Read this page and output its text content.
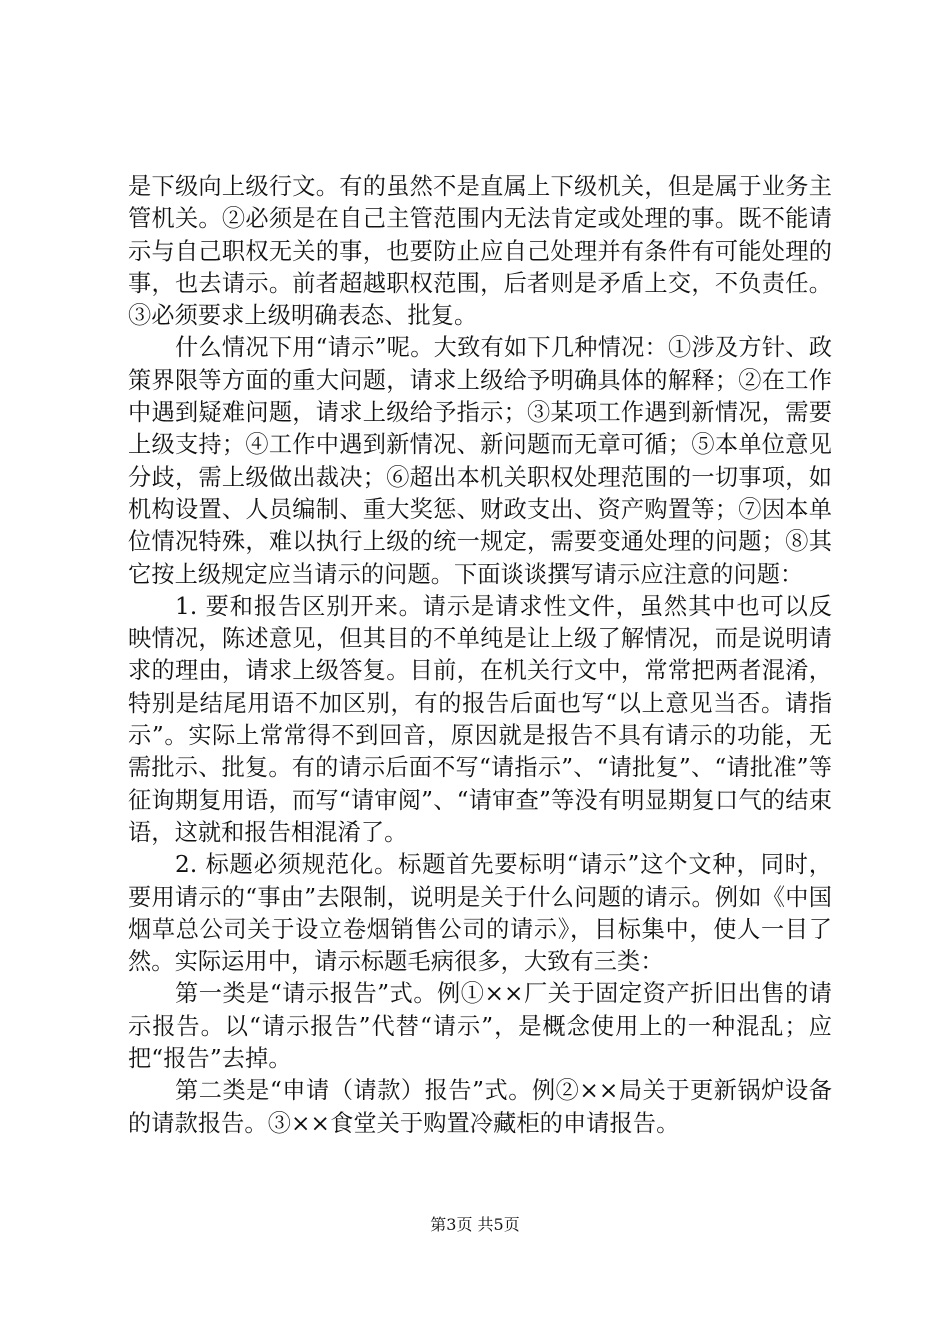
是下级向上级行文。有的虽然不是直属上下级机关，但是属于业务主管机关。②必须是在自己主管范围内无法肯定或处理的事。既不能请示与自己职权无关的事，也要防止应自己处理并有条件有可能处理的事，也去请示。前者超越职权范围，后者则是矛盾上交，不负责任。③必须要求上级明确表态、批复。

什么情况下用“请示”呢。大致有如下几种情况：①涉及方针、政策界限等方面的重大问题，请求上级给予明确具体的解释；②在工作中遇到疑难问题，请求上级给予指示；③某项工作遇到新情况，需要上级支持；④工作中遇到新情况、新问题而无章可循；⑤本单位意见分歧，需上级做出裁决；⑥超出本机关职权处理范围的一切事项，如机构设置、人员编制、重大奖惩、财政支出、资产购置等；⑦因本单位情况特殊，难以执行上级的统一规定，需要变通处理的问题；⑧其它按上级规定应当请示的问题。下面谈谈撰写请示应注意的问题：

1. 要和报告区别开来。请示是请求性文件，虽然其中也可以反映情况，陈述意见，但其目的不单纯是让上级了解情况，而是说明请求的理由，请求上级答复。目前，在机关行文中，常常把两者混淆，特别是结尾用语不加区别，有的报告后面也写“以上意见当否。请指示”。实际上常常得不到回音，原因就是报告不具有请示的功能，无需批示、批复。有的请示后面不写“请指示”、“请批复”、“请批准”等征询期复用语，而写“请审阅”、“请审查”等没有明显期复口气的结束语，这就和报告相混淆了。

2. 标题必须规范化。标题首先要标明“请示”这个文种，同时，要用请示的“事由”去限制，说明是关于什么问题的请示。例如《中国烟草总公司关于设立卷烟销售公司的请示》，目标集中，使人一目了然。实际运用中，请示标题毛病很多，大致有三类：

第一类是“请示报告”式。例①××厂关于固定资产折旧出售的请示报告。以“请示报告”代替“请示”，是概念使用上的一种混乱；应把“报告”去掉。

第二类是“申请（请款）报告”式。例②××局关于更新锅炉设备的请款报告。③××食堂关于购置冷藏柜的申请报告。

第3页 共5页
